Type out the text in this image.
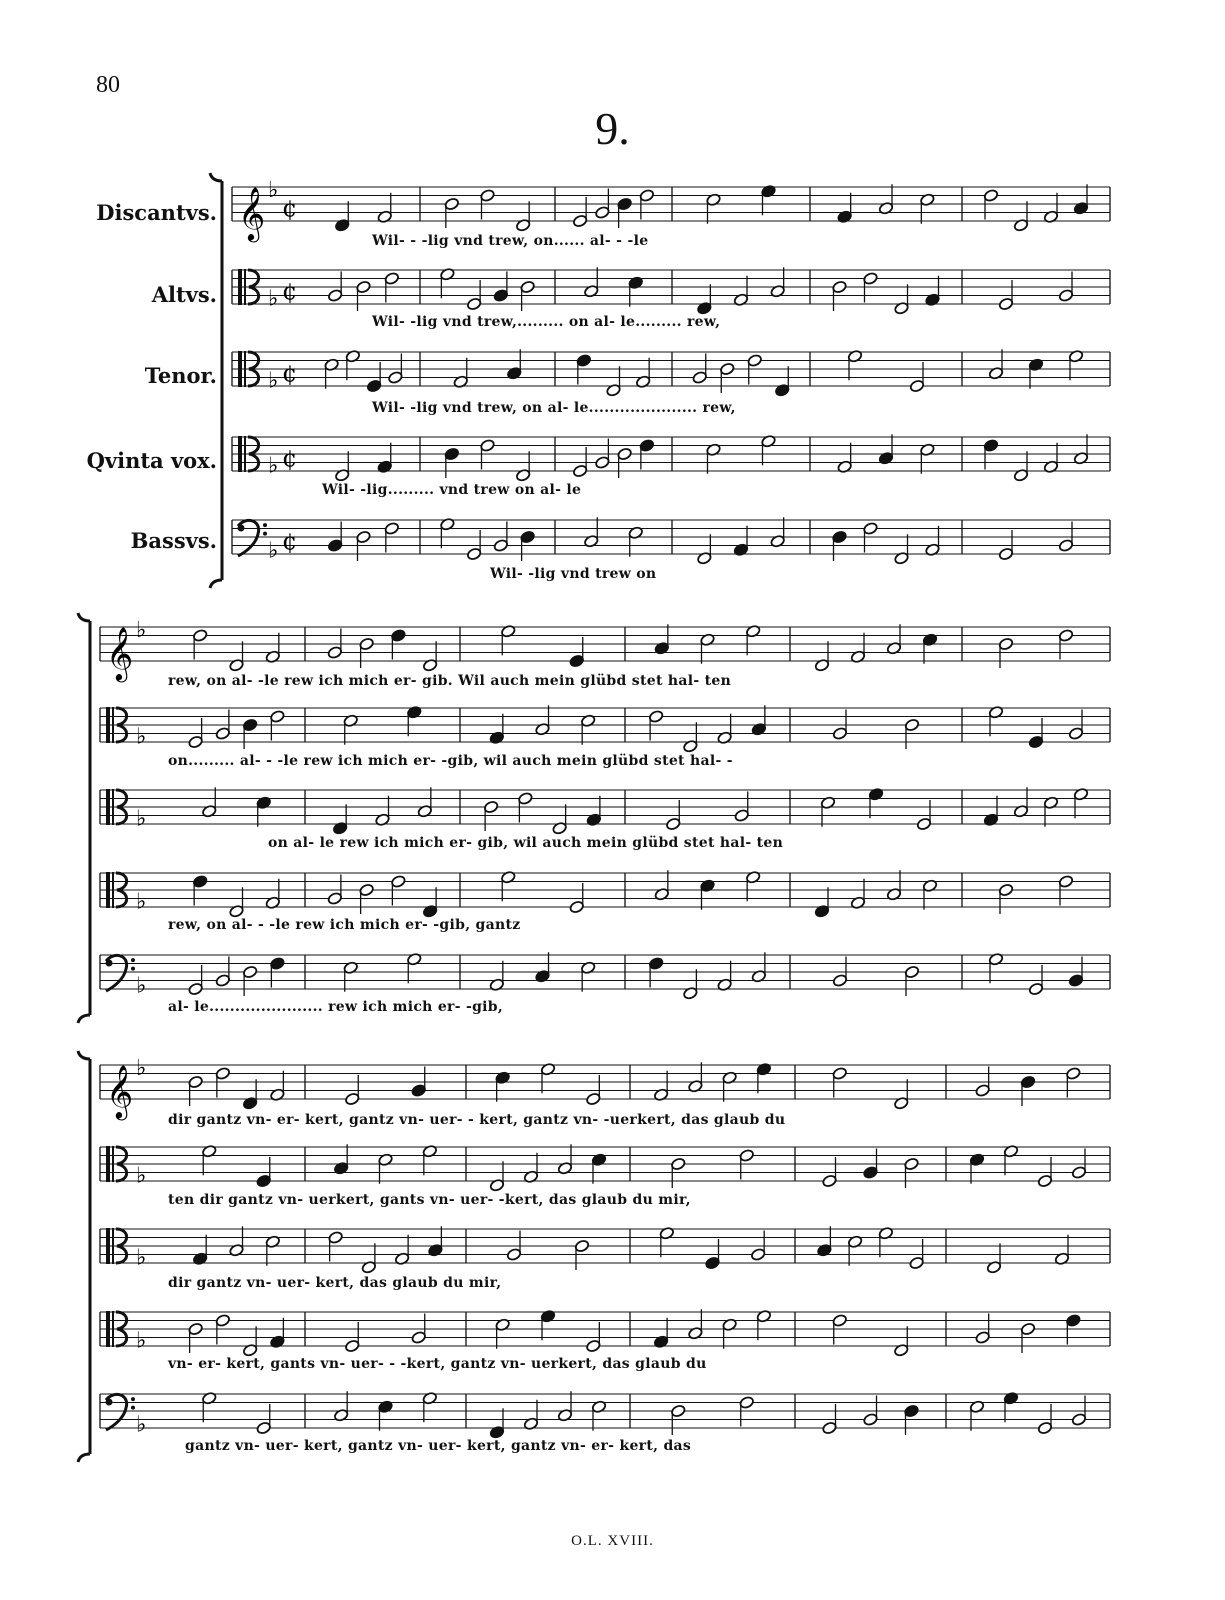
80
9.
Discantvs.
Altvs.
Tenor.
Qvinta vox.
Bassvs.
𝄞 ♭
¢
♭ ¢
♭ ¢
♭ ¢
♭ ¢
𝄞 ♭
♭
♭
♭
♭
𝄞 ♭
♭
♭
♭
♭
Wil- - -lig vnd trew, on...... al- - -le
Wil- -lig vnd trew,......... on al- le......... rew,
Wil- -lig vnd trew, on al- le..................... rew,
Wil- -lig......... vnd trew on al- le
Wil- -lig vnd trew on
rew, on al- -le rew ich mich er- gib. Wil auch mein glübd stet hal- ten
on......... al- - -le rew ich mich er- -gib, wil auch mein glübd stet hal- -
on al- le rew ich mich er- gib, wil auch mein glübd stet hal- ten
rew, on al- - -le rew ich mich er- -gib, gantz
al- le...................... rew ich mich er- -gib,
dir gantz vn- er- kert, gantz vn- uer- - kert, gantz vn- -uerkert, das glaub du
ten dir gantz vn- uerkert, gants vn- uer- -kert, das glaub du mir,
dir gantz vn- uer- kert, das glaub du mir,
vn- er- kert, gants vn- uer- - -kert, gantz vn- uerkert, das glaub du
gantz vn- uer- kert, gantz vn- uer- kert, gantz vn- er- kert, das
O.L. XVIII.
